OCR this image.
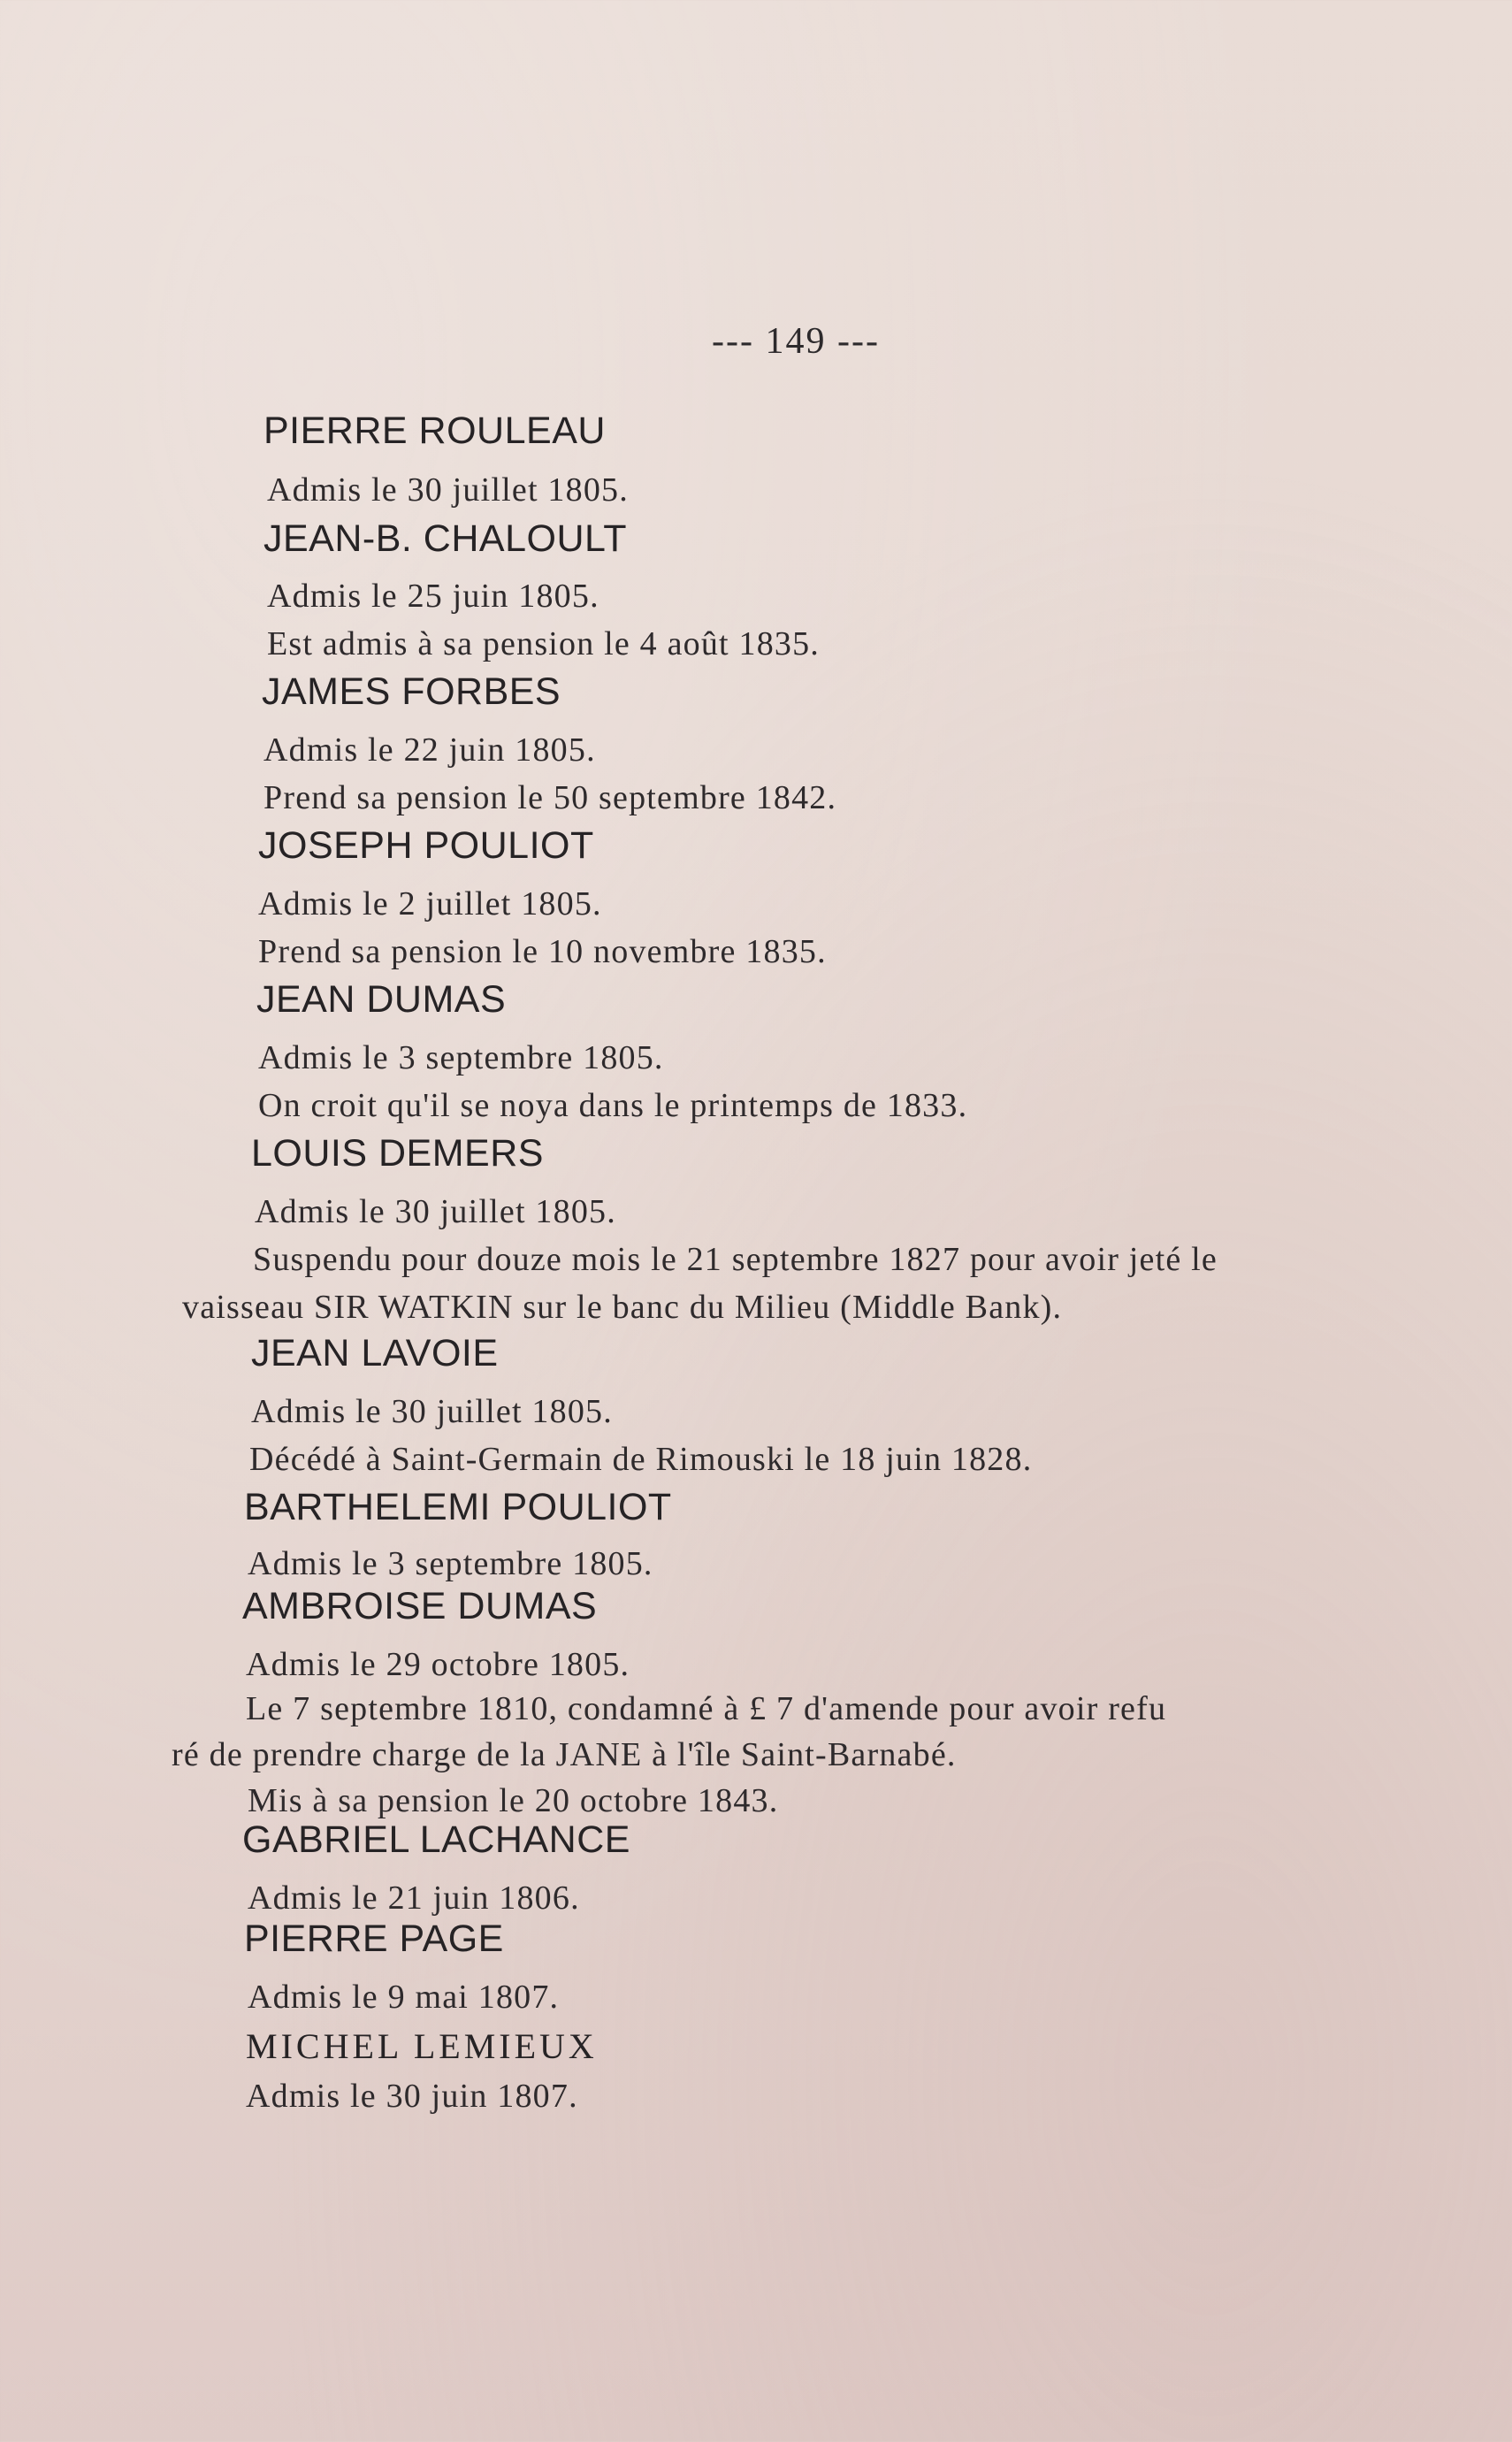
--- 149 ---
PIERRE ROULEAU
Admis le 30 juillet 1805.
JEAN-B. CHALOULT
Admis le 25 juin 1805.
Est admis à sa pension le 4 août 1835.
JAMES FORBES
Admis le 22 juin 1805.
Prend sa pension le 50 septembre 1842.
JOSEPH POULIOT
Admis le 2 juillet 1805.
Prend sa pension le 10 novembre 1835.
JEAN DUMAS
Admis le 3 septembre 1805.
On croit qu'il se noya dans le printemps de 1833.
LOUIS DEMERS
Admis le 30 juillet 1805.
Suspendu pour douze mois le 21 septembre 1827 pour avoir jeté le
vaisseau SIR WATKIN sur le banc du Milieu (Middle Bank).
JEAN LAVOIE
Admis le 30 juillet 1805.
Décédé à Saint-Germain de Rimouski le 18 juin 1828.
BARTHELEMI POULIOT
Admis le 3 septembre 1805.
AMBROISE DUMAS
Admis le 29 octobre 1805.
Le 7 septembre 1810, condamné à £ 7 d'amende pour avoir refu
ré de prendre charge de la JANE à l'île Saint-Barnabé.
Mis à sa pension le 20 octobre 1843.
GABRIEL LACHANCE
Admis le 21 juin 1806.
PIERRE PAGE
Admis le 9 mai 1807.
MICHEL LEMIEUX
Admis le 30 juin 1807.
